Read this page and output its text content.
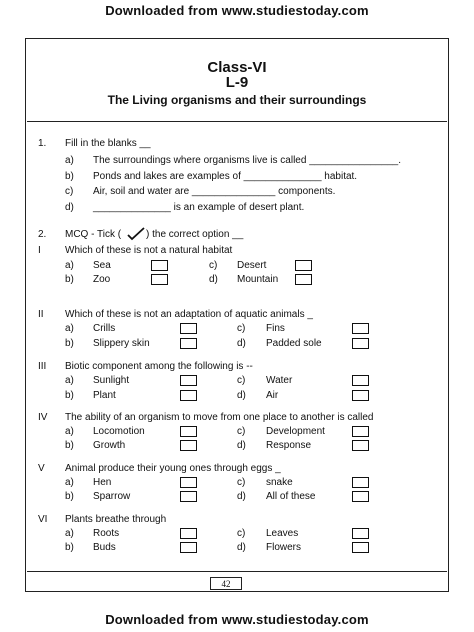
Downloaded from www.studiestoday.com
Class-VI
L-9
The Living organisms and their surroundings
1. Fill in the blanks __
a) The surroundings where organisms live is called ________________.
b) Ponds and lakes are examples of ______________ habitat.
c) Air, soil and water are _______________ components.
d) ______________ is an example of desert plant.
2. MCQ - Tick ( ) the correct option __
I Which of these is not a natural habitat
a) Sea	c) Desert
b) Zoo	d) Mountain
II Which of these is not an adaptation of aquatic animals _
a) Crills	c) Fins
b) Slippery skin	d) Padded sole
III Biotic component among the following is --
a) Sunlight	c) Water
b) Plant	d) Air
IV The ability of an organism to move from one place to another is called
a) Locomotion	c) Development
b) Growth	d) Response
V Animal produce their young ones through eggs _
a) Hen	c) snake
b) Sparrow	d) All of these
VI Plants breathe through
a) Roots	c) Leaves
b) Buds	d) Flowers
42
Downloaded from www.studiestoday.com
